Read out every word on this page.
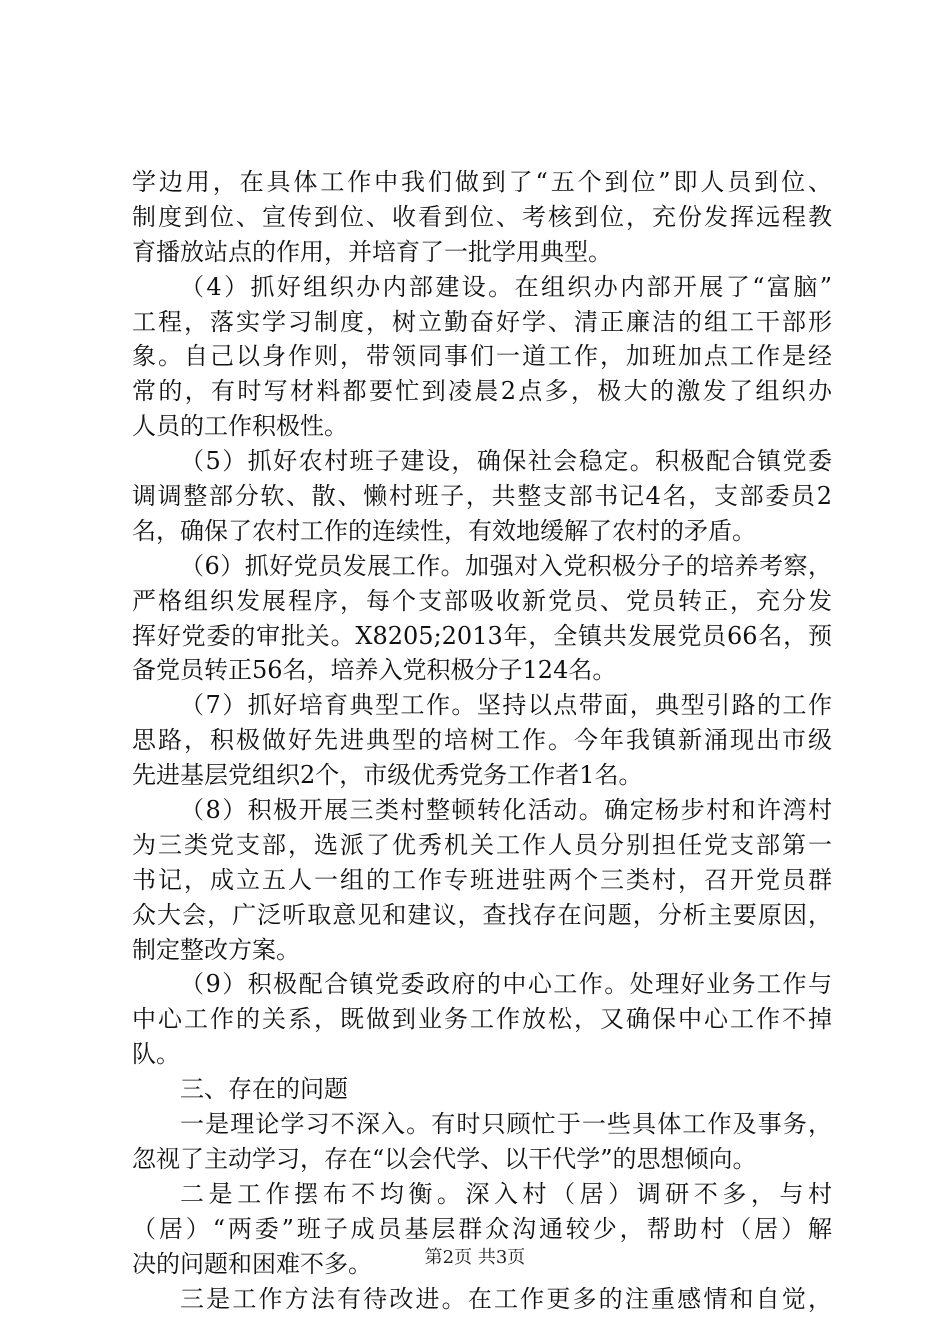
学边用，在具体工作中我们做到了“五个到位”即人员到位、
制度到位、宣传到位、收看到位、考核到位，充份发挥远程教
育播放站点的作用，并培育了一批学用典型。
（4）抓好组织办内部建设。在组织办内部开展了“富脑”
工程，落实学习制度，树立勤奋好学、清正廉洁的组工干部形
象。自己以身作则，带领同事们一道工作，加班加点工作是经
常的，有时写材料都要忙到凌晨2点多，极大的激发了组织办
人员的工作积极性。
（5）抓好农村班子建设，确保社会稳定。积极配合镇党委
调调整部分软、散、懒村班子，共整支部书记4名，支部委员2
名，确保了农村工作的连续性，有效地缓解了农村的矛盾。
（6）抓好党员发展工作。加强对入党积极分子的培养考察，
严格组织发展程序，每个支部吸收新党员、党员转正，充分发
挥好党委的审批关。X8205;2013年，全镇共发展党员66名，预
备党员转正56名，培养入党积极分子124名。
（7）抓好培育典型工作。坚持以点带面，典型引路的工作
思路，积极做好先进典型的培树工作。今年我镇新涌现出市级
先进基层党组织2个，市级优秀党务工作者1名。
（8）积极开展三类村整顿转化活动。确定杨步村和许湾村
为三类党支部，选派了优秀机关工作人员分别担任党支部第一
书记，成立五人一组的工作专班进驻两个三类村，召开党员群
众大会，广泛听取意见和建议，查找存在问题，分析主要原因，
制定整改方案。
（9）积极配合镇党委政府的中心工作。处理好业务工作与
中心工作的关系，既做到业务工作放松，又确保中心工作不掉
队。
三、存在的问题
一是理论学习不深入。有时只顾忙于一些具体工作及事务，
忽视了主动学习，存在“以会代学、以干代学”的思想倾向。
二是工作摆布不均衡。深入村（居）调研不多，与村
（居）“两委”班子成员基层群众沟通较少，帮助村（居）解
决的问题和困难不多。
三是工作方法有待改进。在工作更多的注重感情和自觉，
第2页 共3页
